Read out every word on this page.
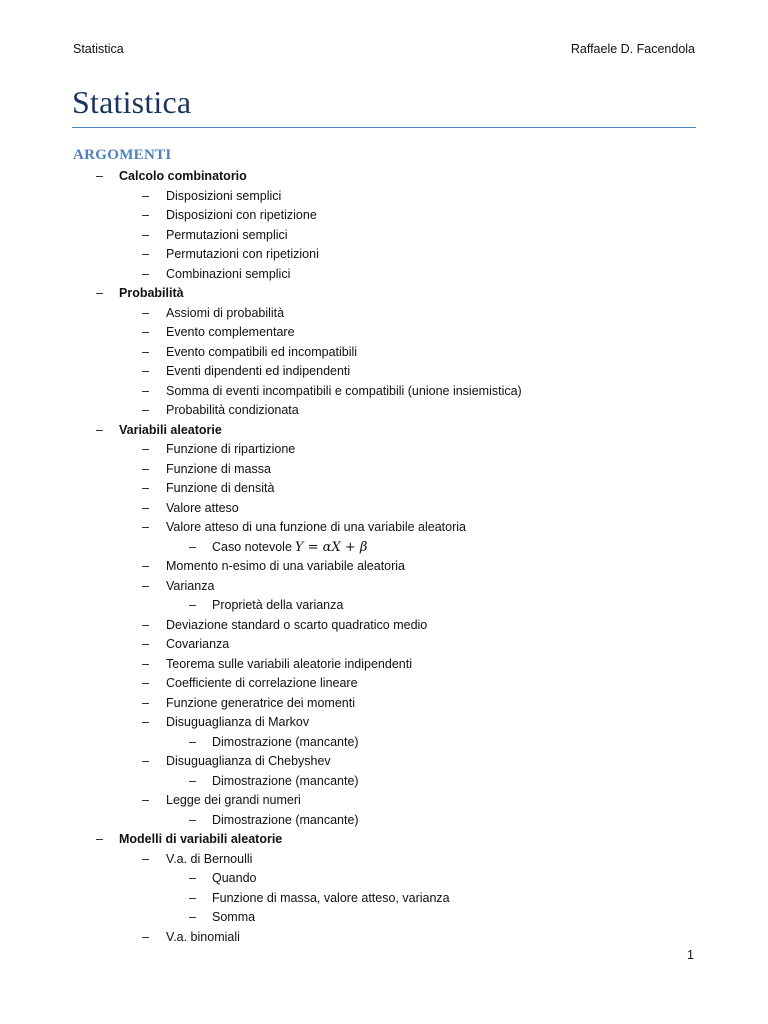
Statistica	Raffaele D. Facendola
Statistica
ARGOMENTI
– Calcolo combinatorio
– Disposizioni semplici
– Disposizioni con ripetizione
– Permutazioni semplici
– Permutazioni con ripetizioni
– Combinazioni semplici
– Probabilità
– Assiomi di probabilità
– Evento complementare
– Evento compatibili ed incompatibili
– Eventi dipendenti ed indipendenti
– Somma di eventi incompatibili e compatibili (unione insiemistica)
– Probabilità condizionata
– Variabili aleatorie
– Funzione di ripartizione
– Funzione di massa
– Funzione di densità
– Valore atteso
– Valore atteso di una funzione di una variabile aleatoria
– Caso notevole Y = αX + β
– Momento n-esimo di una variabile aleatoria
– Varianza
– Proprietà della varianza
– Deviazione standard o scarto quadratico medio
– Covarianza
– Teorema sulle variabili aleatorie indipendenti
– Coefficiente di correlazione lineare
– Funzione generatrice dei momenti
– Disuguaglianza di Markov
– Dimostrazione (mancante)
– Disuguaglianza di Chebyshev
– Dimostrazione (mancante)
– Legge dei grandi numeri
– Dimostrazione (mancante)
– Modelli di variabili aleatorie
– V.a. di Bernoulli
– Quando
– Funzione di massa, valore atteso, varianza
– Somma
– V.a. binomiali
1
